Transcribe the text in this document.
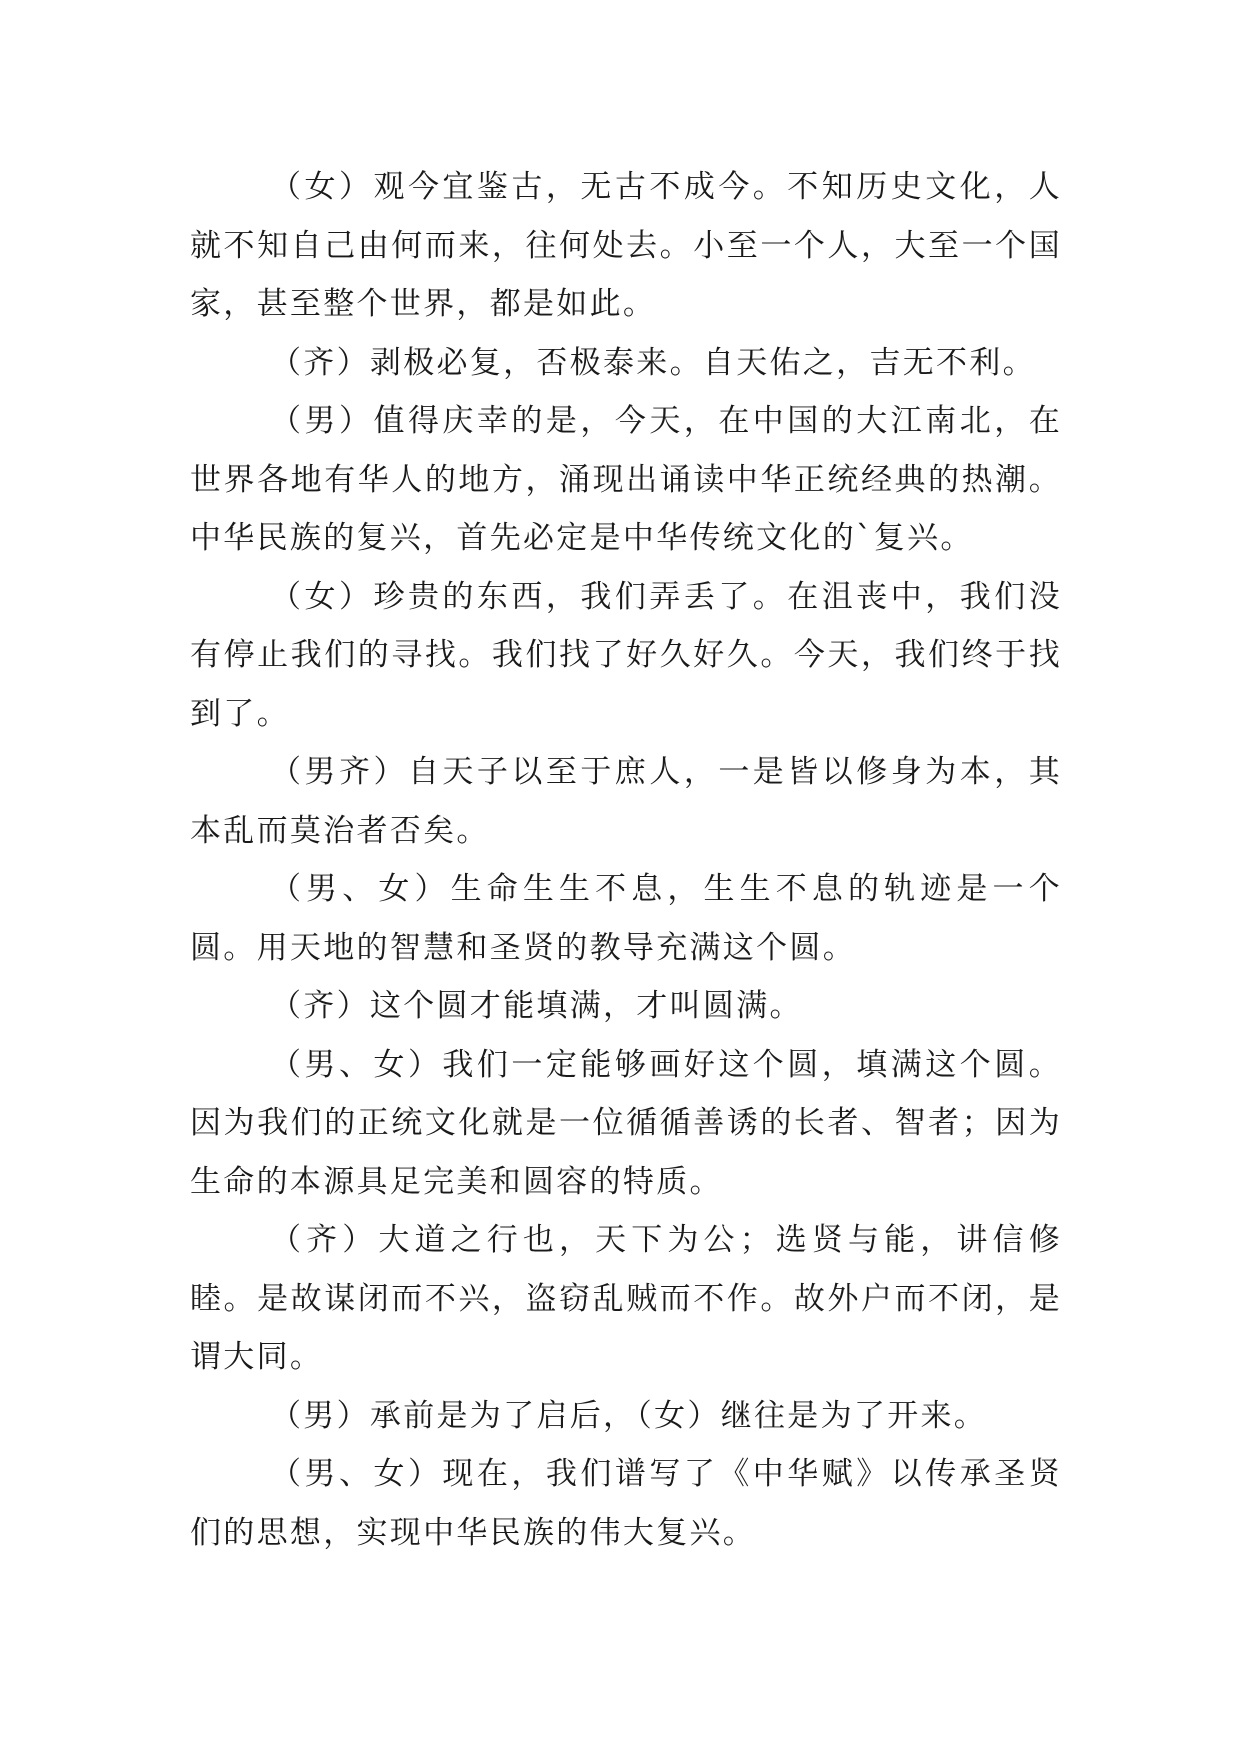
（女）观今宜鉴古，无古不成今。不知历史文化，人就不知自己由何而来，往何处去。小至一个人，大至一个国家，甚至整个世界，都是如此。

（齐）剥极必复，否极泰来。自天佑之，吉无不利。

（男）值得庆幸的是，今天，在中国的大江南北，在世界各地有华人的地方，涌现出诵读中华正统经典的热潮。中华民族的复兴，首先必定是中华传统文化的`复兴。

（女）珍贵的东西，我们弄丢了。在沮丧中，我们没有停止我们的寻找。我们找了好久好久。今天，我们终于找到了。

（男齐）自天子以至于庶人，一是皆以修身为本，其本乱而莫治者否矣。

（男、女）生命生生不息，生生不息的轨迹是一个圆。用天地的智慧和圣贤的教导充满这个圆。

（齐）这个圆才能填满，才叫圆满。

（男、女）我们一定能够画好这个圆，填满这个圆。因为我们的正统文化就是一位循循善诱的长者、智者；因为生命的本源具足完美和圆容的特质。

（齐）大道之行也，天下为公；选贤与能，讲信修睦。是故谋闭而不兴，盗窃乱贼而不作。故外户而不闭，是谓大同。

（男）承前是为了启后，（女）继往是为了开来。

（男、女）现在，我们谱写了《中华赋》以传承圣贤们的思想，实现中华民族的伟大复兴。
